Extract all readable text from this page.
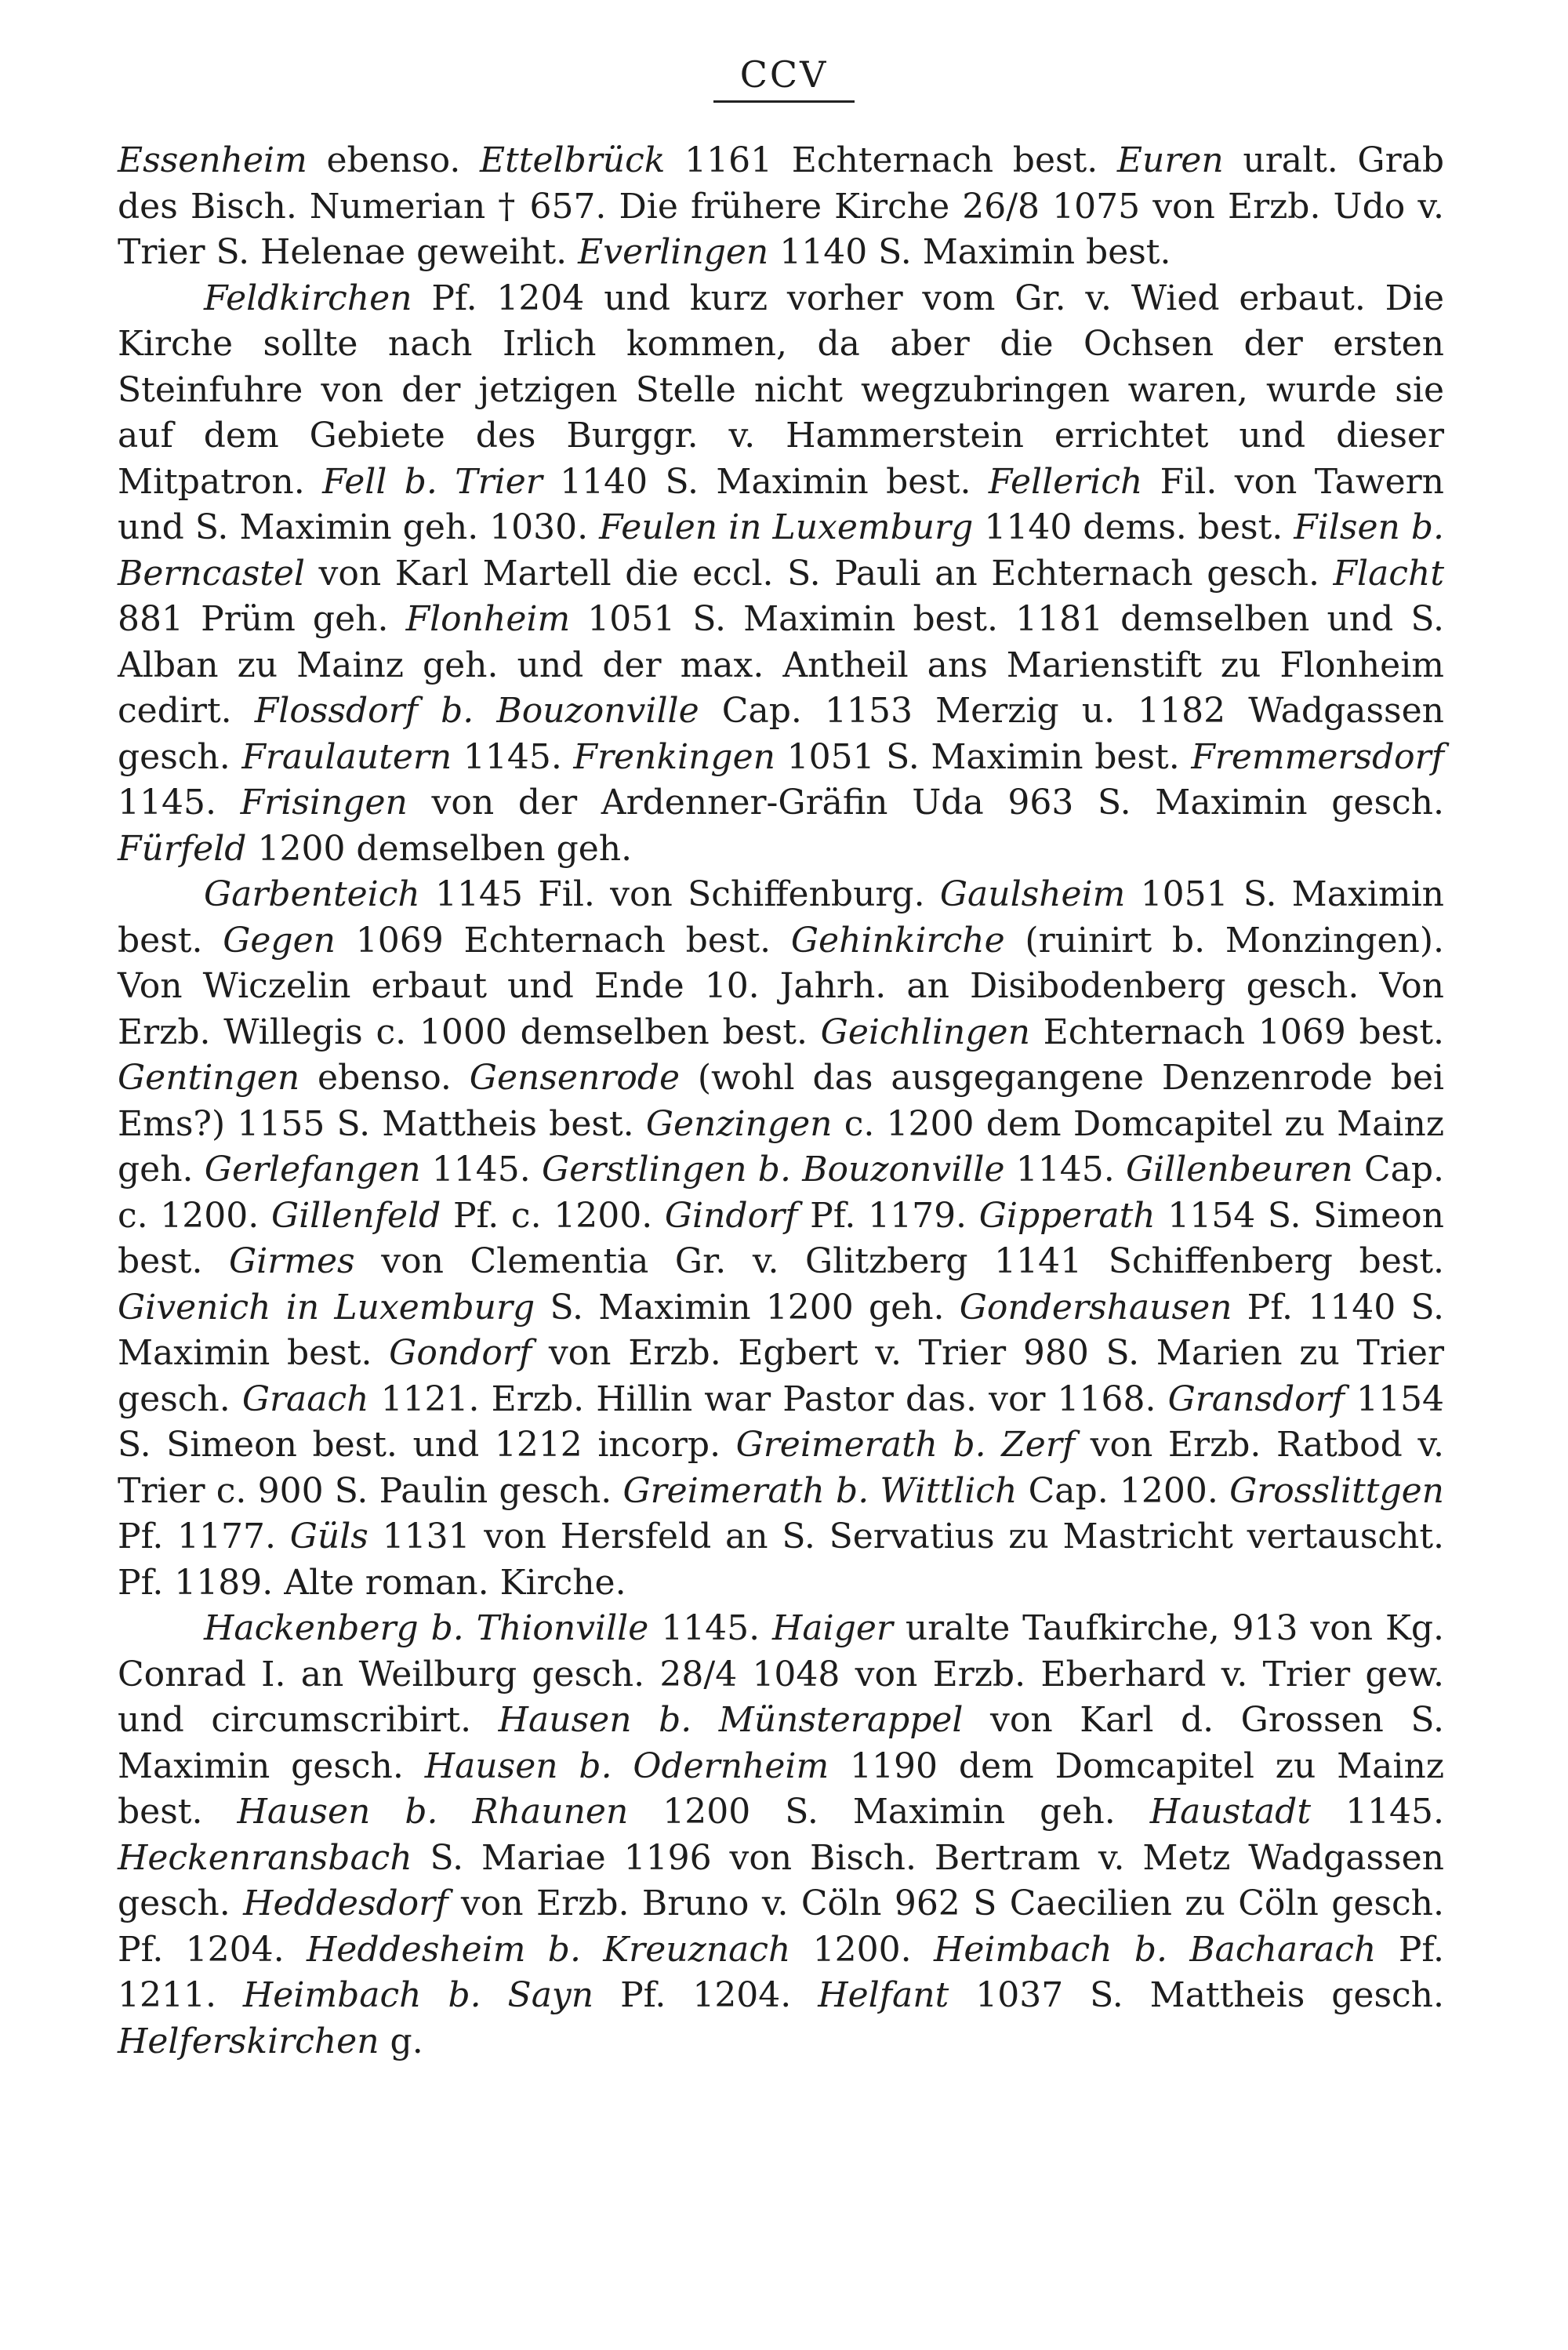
CCV

Essenheim ebenso. Ettelbrück 1161 Echternach best. Euren uralt. Grab des Bisch. Numerian † 657. Die frühere Kirche 26/8 1075 von Erzb. Udo v. Trier S. Helenae geweiht. Everlingen 1140 S. Maximin best.

Feldkirchen Pf. 1204 und kurz vorher vom Gr. v. Wied erbaut. Die Kirche sollte nach Irlich kommen, da aber die Ochsen der ersten Steinfuhre von der jetzigen Stelle nicht wegzubringen waren, wurde sie auf dem Gebiete des Burggr. v. Hammerstein errichtet und dieser Mitpatron. Fell b. Trier 1140 S. Maximin best. Fellerich Fil. von Tawern und S. Maximin geh. 1030. Feulen in Luxemburg 1140 dems. best. Filsen b. Berncastel von Karl Martell die eccl. S. Pauli an Echternach gesch. Flacht 881 Prüm geh. Flonheim 1051 S. Maximin best. 1181 demselben und S. Alban zu Mainz geh. und der max. Antheil ans Marienstift zu Flonheim cedirt. Flossdorf b. Bouzonville Cap. 1153 Merzig u. 1182 Wadgassen gesch. Fraulautern 1145. Frenkingen 1051 S. Maximin best. Fremmersdorf 1145. Frisingen von der Ardenner-Gräfin Uda 963 S. Maximin gesch. Fürfeld 1200 demselben geh.

Garbenteich 1145 Fil. von Schiffenburg. Gaulsheim 1051 S. Maximin best. Gegen 1069 Echternach best. Gehinkirche (ruinirt b. Monzingen). Von Wiczelin erbaut und Ende 10. Jahrh. an Disibodenberg gesch. Von Erzb. Willegis c. 1000 demselben best. Geichlingen Echternach 1069 best. Gentingen ebenso. Gensenrode (wohl das ausgegangene Denzenrode bei Ems?) 1155 S. Mattheis best. Genzingen c. 1200 dem Domcapitel zu Mainz geh. Gerlefangen 1145. Gerstlingen b. Bouzonville 1145. Gillenbeuren Cap. c. 1200. Gillenfeld Pf. c. 1200. Gindorf Pf. 1179. Gipperath 1154 S. Simeon best. Girmes von Clementia Gr. v. Glitzberg 1141 Schiffenberg best. Givenich in Luxemburg S. Maximin 1200 geh. Gondershausen Pf. 1140 S. Maximin best. Gondorf von Erzb. Egbert v. Trier 980 S. Marien zu Trier gesch. Graach 1121. Erzb. Hillin war Pastor das. vor 1168. Gransdorf 1154 S. Simeon best. und 1212 incorp. Greimerath b. Zerf von Erzb. Ratbod v. Trier c. 900 S. Paulin gesch. Greimerath b. Wittlich Cap. 1200. Grosslittgen Pf. 1177. Güls 1131 von Hersfeld an S. Servatius zu Mastricht vertauscht. Pf. 1189. Alte roman. Kirche.

Hackenberg b. Thionville 1145. Haiger uralte Taufkirche, 913 von Kg. Conrad I. an Weilburg gesch. 28/4 1048 von Erzb. Eberhard v. Trier gew. und circumscribirt. Hausen b. Münsterappel von Karl d. Grossen S. Maximin gesch. Hausen b. Odernheim 1190 dem Domcapitel zu Mainz best. Hausen b. Rhaunen 1200 S. Maximin geh. Haustadt 1145. Heckenransbach S. Mariae 1196 von Bisch. Bertram v. Metz Wadgassen gesch. Heddesdorf von Erzb. Bruno v. Cöln 962 S Caecilien zu Cöln gesch. Pf. 1204. Heddesheim b. Kreuznach 1200. Heimbach b. Bacharach Pf. 1211. Heimbach b. Sayn Pf. 1204. Helfant 1037 S. Mattheis gesch. Helferskirchen g.
